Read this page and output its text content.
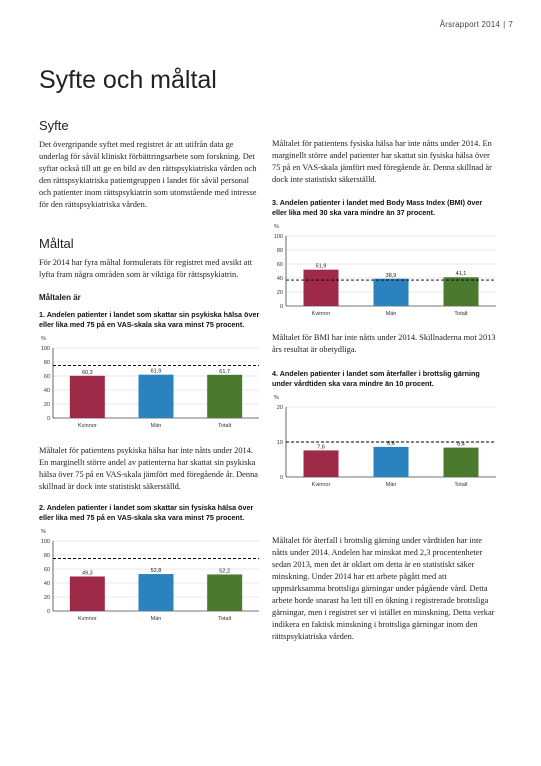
Årsrapport 2014 | 7
Syfte och måltal
Syfte

Det övergripande syftet med registret är att utifrån data ge underlag för såväl kliniskt förbättringsarbete som forskning. Det syftar också till att ge en bild av den rättspsykiatriska vården och den rättspsykiatriska patientgruppen i landet för såväl personal och patienter inom rättspsykiatrin som utomstående med intresse för den rättspsykiatriska vården.

Måltal

För 2014 har fyra måltal formulerats för registret med avsikt att lyfta fram några områden som är viktiga för rättspsykiatrin.

Måltalen är
1. Andelen patienter i landet som skattar sin psykiska hälsa över eller lika med 75 på en VAS-skala ska vara minst 75 procent.
%
0
20
40
60
80
100
60,3
Kvinnor
61,9
Män
61,7
Totalt

Måltalet för patientens psykiska hälsa har inte nåtts under 2014. En marginellt större andel av patienterna har skattat sin psykiska hälsa över 75 på en VAS-skala jämfört med föregående år. Denna skillnad är dock inte statistiskt säkerställd.

2. Andelen patienter i landet som skattar sin fysiska hälsa över eller lika med 75 på en VAS-skala ska vara minst 75 procent.
%
0
20
40
60
80
100
49,3
Kvinnor
52,8
Män
52,2
Totalt

Måltalet för patientens fysiska hälsa har inte nåtts under 2014. En marginellt större andel patienter har skattat sin fysiska hälsa över 75 på en VAS-skala jämfört med föregående år. Denna skillnad är dock inte statistiskt säkerställd.

3. Andelen patienter i landet med Body Mass Index (BMI) över eller lika med 30 ska vara mindre än 37 procent.
%
0
20
40
60
80
100
51,9
Kvinnor
38,9
Män
41,1
Totalt

Måltalet för BMI har inte nåtts under 2014. Skillnaderna mot 2013 års resultat är obetydliga.

4. Andelen patienter i landet som återfaller i brottslig gärning under vårdtiden ska vara mindre än 10 procent.
%
0
10
20
7,6
Kvinnor
8,6
Män
8,4
Totalt

Måltalet för återfall i brottslig gärning under vårdtiden har inte nåtts under 2014. Andelen har minskat med 2,3 procentenheter sedan 2013, men det är oklart om detta är en statistiskt säker minskning. Under 2014 har ett arbete pågått med att uppmärksamma brottsliga gärningar under pågående vård. Detta arbete borde snarast ha lett till en ökning i registrerade brottsliga gärningar, men i registret ser vi istället en minskning. Detta verkar indikera en faktisk minskning i brottsliga gärningar inom den rättspsykiatriska vården.
